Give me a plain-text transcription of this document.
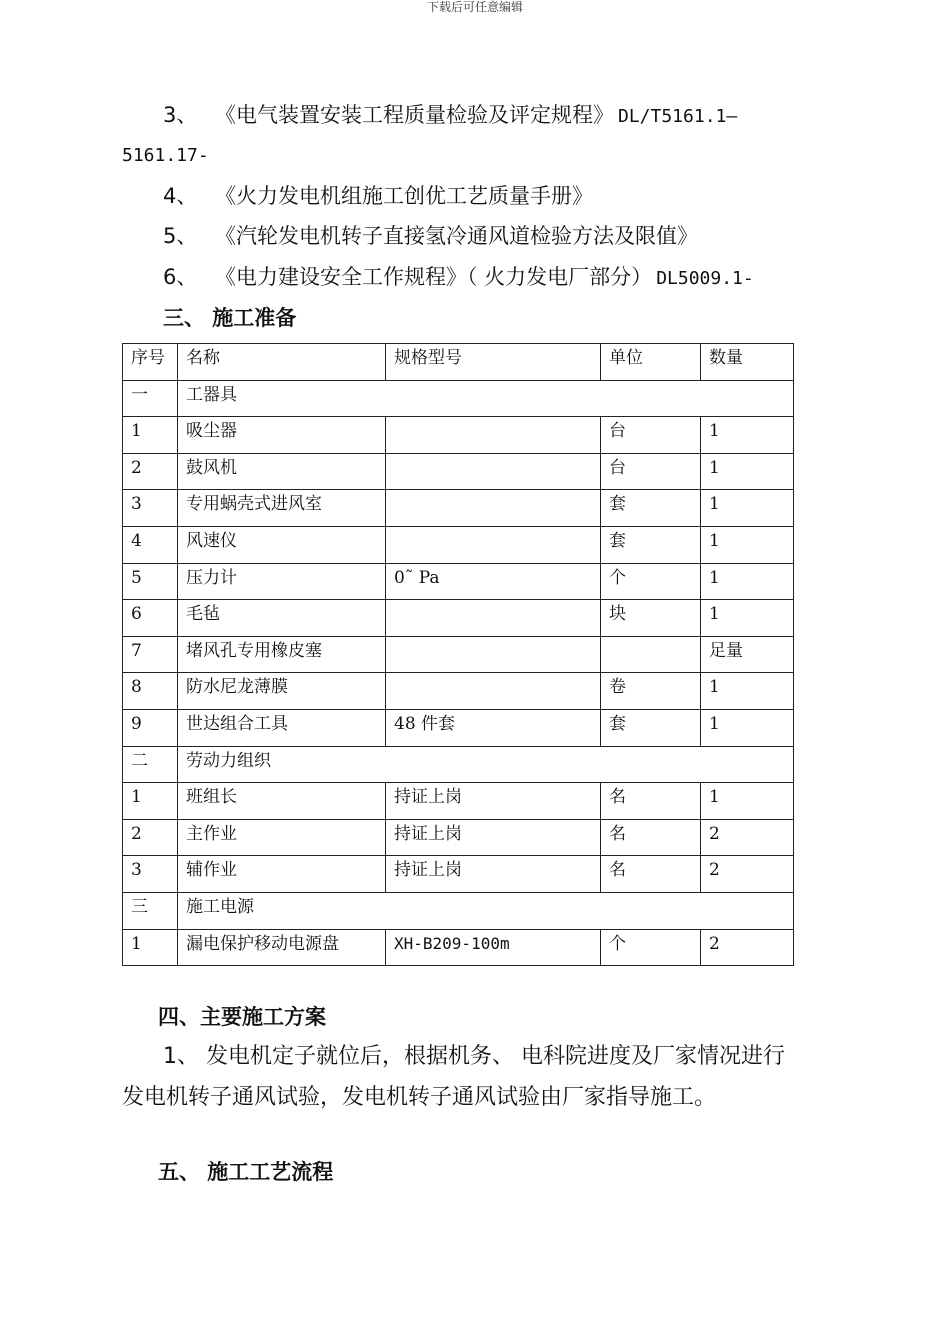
下载后可任意编辑
3、 《电气装置安装工程质量检验及评定规程》 DL/T5161.1—
5161.17-
4、 《火力发电机组施工创优工艺质量手册》
5、 《汽轮发电机转子直接氢冷通风道检验方法及限值》
6、 《电力建设安全工作规程》（ 火力发电厂部分） DL5009.1-
三、 施工准备
序号	名称	规格型号	单位	数量
一	工器具			
1	吸尘器		台	1
2	鼓风机		台	1
3	专用蜗壳式进风室		套	1
4	风速仪		套	1
5	压力计	0˜ Pa	个	1
6	毛毡		块	1
7	堵风孔专用橡皮塞			足量
8	防水尼龙薄膜		卷	1
9	世达组合工具	48 件套	套	1
二	劳动力组织			
1	班组长	持证上岗	名	1
2	主作业	持证上岗	名	2
3	辅作业	持证上岗	名	2
三	施工电源			
1	漏电保护移动电源盘	XH-B209-100m	个	2
四、主要施工方案
1、 发电机定子就位后，根据机务、 电科院进度及厂家情况进行
发电机转子通风试验，发电机转子通风试验由厂家指导施工。
五、 施工工艺流程
